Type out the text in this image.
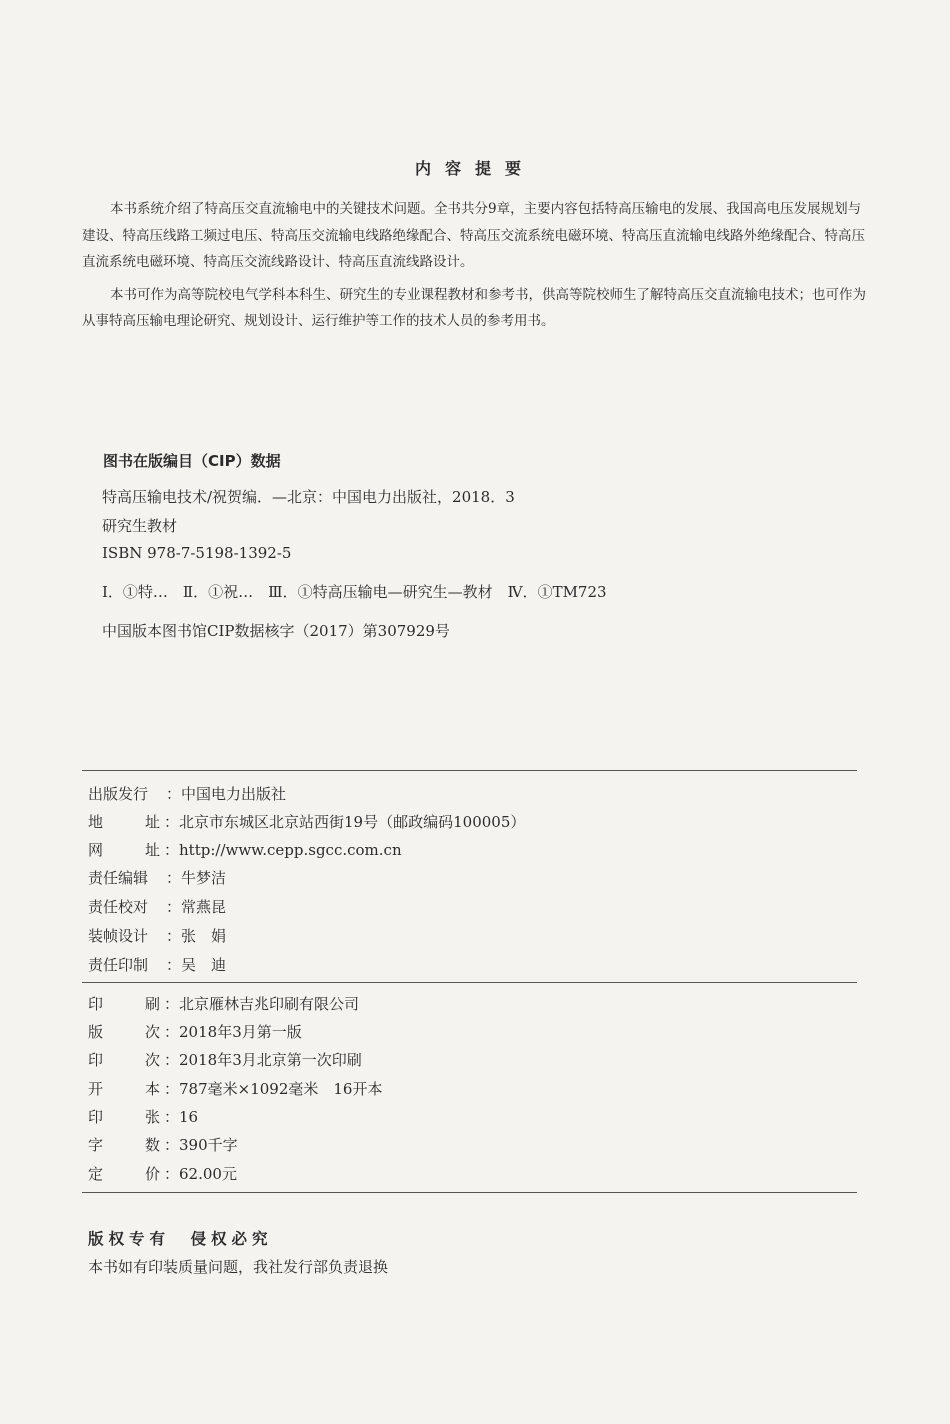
内容提要

本书系统介绍了特高压交直流输电中的关键技术问题。全书共分9章，主要内容包括特高压输电的发展、我国高电压发展规划与建设、特高压线路工频过电压、特高压交流输电线路绝缘配合、特高压交流系统电磁环境、特高压直流输电线路外绝缘配合、特高压直流系统电磁环境、特高压交流线路设计、特高压直流线路设计。

本书可作为高等院校电气学科本科生、研究生的专业课程教材和参考书，供高等院校师生了解特高压交直流输电技术；也可作为从事特高压输电理论研究、规划设计、运行维护等工作的技术人员的参考用书。

图书在版编目（CIP）数据
特高压输电技术/祝贺编．—北京：中国电力出版社，2018．3
研究生教材
ISBN 978-7-5198-1392-5
Ⅰ．①特…　Ⅱ．①祝…　Ⅲ．①特高压输电—研究生—教材　Ⅳ．①TM723
中国版本图书馆CIP数据核字（2017）第307929号
出版发行 ：中国电力出版社
地址 ：北京市东城区北京站西街19号（邮政编码100005）
网址 ：http://www.cepp.sgcc.com.cn
责任编辑 ：牛梦洁
责任校对 ：常燕昆
装帧设计 ：张　娟
责任印制 ：吴　迪
印刷 ：北京雁林吉兆印刷有限公司
版次 ：2018年3月第一版
印次 ：2018年3月北京第一次印刷
开本 ：787毫米×1092毫米　16开本
印张 ：16
字数 ：390千字
定价 ：62.00元
版权专有　侵权必究
本书如有印装质量问题，我社发行部负责退换
